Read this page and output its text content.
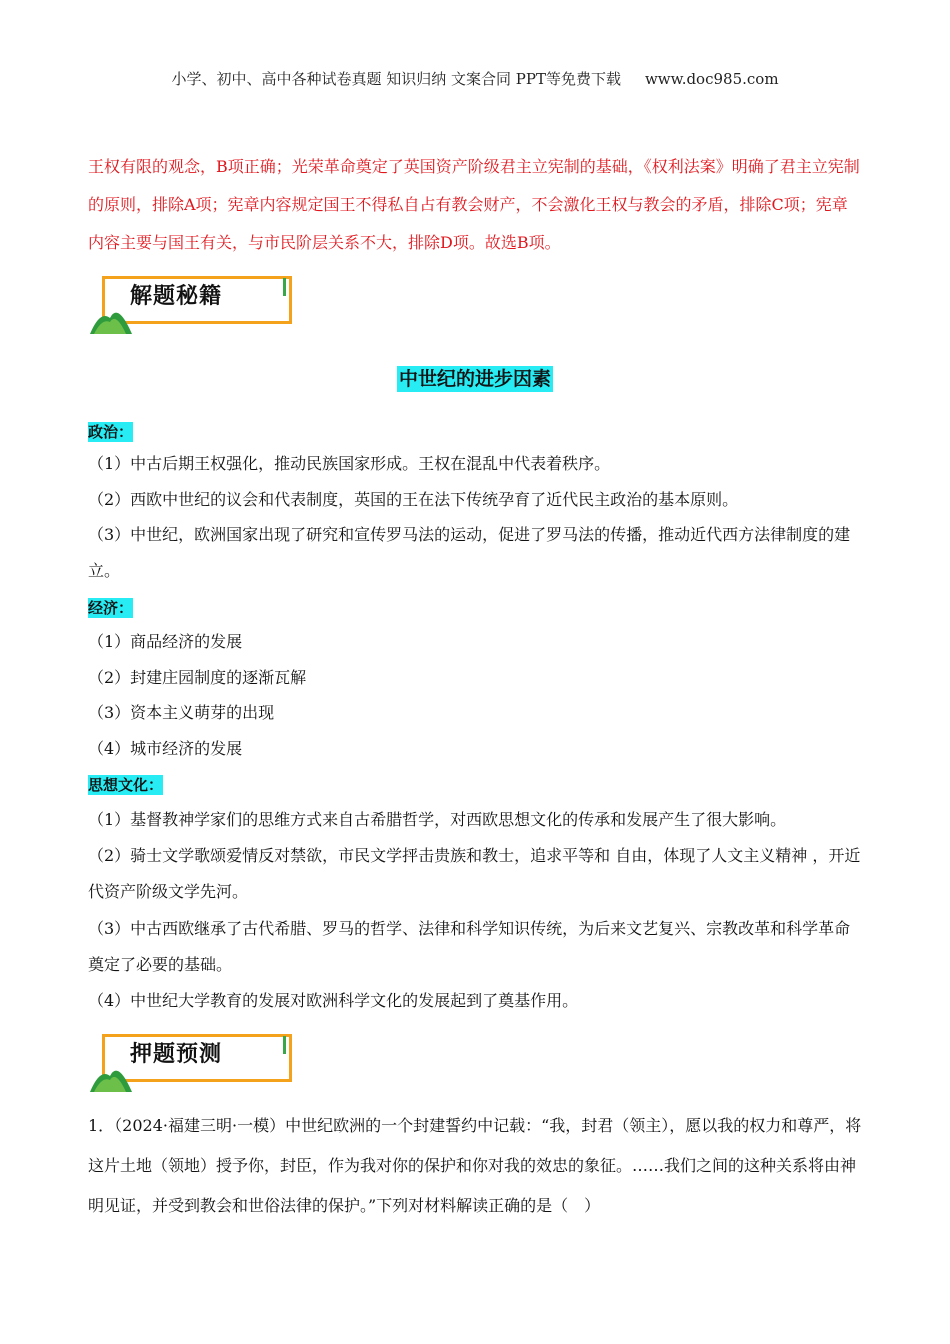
小学、初中、高中各种试卷真题 知识归纳 文案合同 PPT等免费下载 www.doc985.com
王权有限的观念，B项正确；光荣革命奠定了英国资产阶级君主立宪制的基础，《权利法案》明确了君主立宪制的原则，排除A项；宪章内容规定国王不得私自占有教会财产，不会激化王权与教会的矛盾，排除C项；宪章内容主要与国王有关，与市民阶层关系不大，排除D项。故选B项。
解题秘籍
中世纪的进步因素
政治：
（1）中古后期王权强化，推动民族国家形成。王权在混乱中代表着秩序。
（2）西欧中世纪的议会和代表制度，英国的王在法下传统孕育了近代民主政治的基本原则。
（3）中世纪，欧洲国家出现了研究和宣传罗马法的运动，促进了罗马法的传播，推动近代西方法律制度的建立。
经济：
（1）商品经济的发展
（2）封建庄园制度的逐渐瓦解
（3）资本主义萌芽的出现
（4）城市经济的发展
思想文化：
（1）基督教神学家们的思维方式来自古希腊哲学，对西欧思想文化的传承和发展产生了很大影响。
（2）骑士文学歌颂爱情反对禁欲，市民文学抨击贵族和教士，追求平等和 自由，体现了人文主义精神 ，开近代资产阶级文学先河。
（3）中古西欧继承了古代希腊、罗马的哲学、法律和科学知识传统，为后来文艺复兴、宗教改革和科学革命奠定了必要的基础。
（4）中世纪大学教育的发展对欧洲科学文化的发展起到了奠基作用。
押题预测
1．（2024·福建三明·一模）中世纪欧洲的一个封建誓约中记载：“我，封君（领主），愿以我的权力和尊严，将这片土地（领地）授予你，封臣，作为我对你的保护和你对我的效忠的象征。……我们之间的这种关系将由神明见证，并受到教会和世俗法律的保护。”下列对材料解读正确的是（　）
